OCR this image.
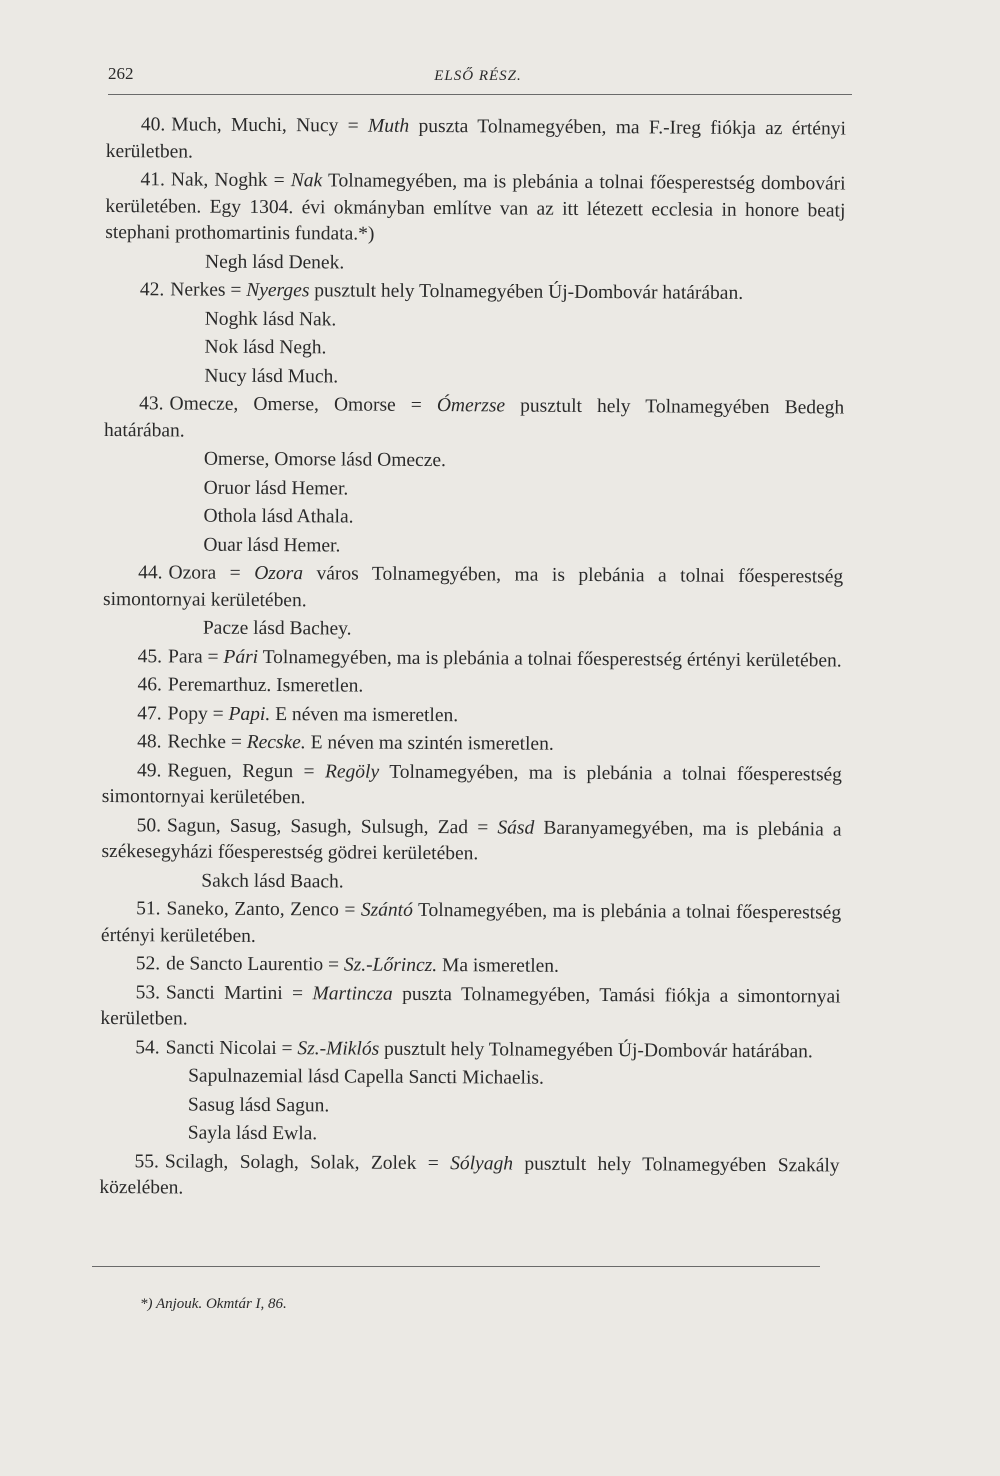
262	ELSŐ RÉSZ.

40. Much, Muchi, Nucy = Muth puszta Tolnamegyében, ma F.-Ireg fiókja az értényi kerületben.

41. Nak, Noghk = Nak Tolnamegyében, ma is plebánia a tolnai főesperestség dombovári kerületében. Egy 1304. évi okmányban említve van az itt létezett ecclesia in honore beatj stephani prothomartinis fundata.*)

Negh lásd Denek.

42. Nerkes = Nyerges pusztult hely Tolnamegyében Új-Dombovár határában.

Noghk lásd Nak.

Nok lásd Negh.

Nucy lásd Much.

43. Omecze, Omerse, Omorse = Ómerzse pusztult hely Tolnamegyében Bedegh határában.

Omerse, Omorse lásd Omecze.

Oruor lásd Hemer.

Othola lásd Athala.

Ouar lásd Hemer.

44. Ozora = Ozora város Tolnamegyében, ma is plebánia a tolnai főesperestség simontornyai kerületében.

Pacze lásd Bachey.

45. Para = Pári Tolnamegyében, ma is plebánia a tolnai főesperestség értényi kerületében.

46. Peremarthuz. Ismeretlen.

47. Popy = Papi. E néven ma ismeretlen.

48. Rechke = Recske. E néven ma szintén ismeretlen.

49. Reguen, Regun = Regöly Tolnamegyében, ma is plebánia a tolnai főesperestség simontornyai kerületében.

50. Sagun, Sasug, Sasugh, Sulsugh, Zad = Sásd Baranyamegyében, ma is plebánia a székesegyházi főesperestség gödrei kerületében.

Sakch lásd Baach.

51. Saneko, Zanto, Zenco = Szántó Tolnamegyében, ma is plebánia a tolnai főesperestség értényi kerületében.

52. de Sancto Laurentio = Sz.-Lőrincz. Ma ismeretlen.

53. Sancti Martini = Martincza puszta Tolnamegyében, Tamási fiókja a simontornyai kerületben.

54. Sancti Nicolai = Sz.-Miklós pusztult hely Tolnamegyében Új-Dombovár határában.

Sapulnazemial lásd Capella Sancti Michaelis.

Sasug lásd Sagun.

Sayla lásd Ewla.

55. Scilagh, Solagh, Solak, Zolek = Sólyagh pusztult hely Tolnamegyében Szakály közelében.

*) Anjouk. Okmtár I, 86.
